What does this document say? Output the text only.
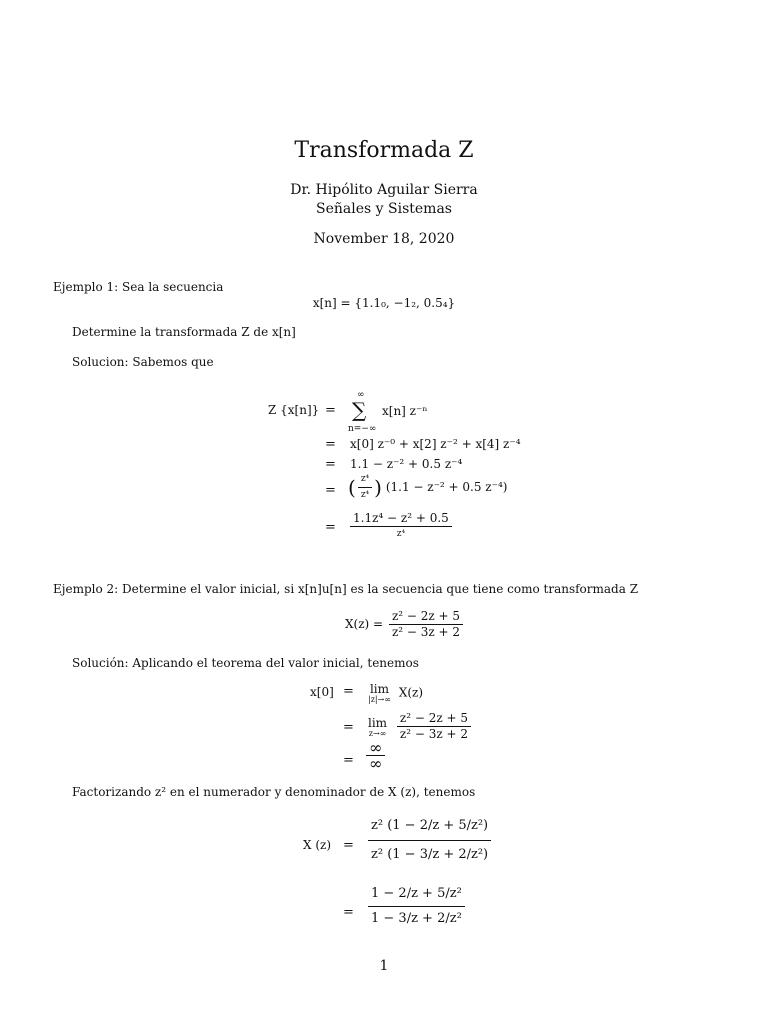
Transformada Z
Dr. Hipólito Aguilar Sierra
Señales y Sistemas
November 18, 2020
Ejemplo 1: Sea la secuencia
x[n] = {1.1₀, −1₂, 0.5₄}
Determine la transformada Z de x[n]
Solucion: Sabemos que
Z {x[n]} =
∞
∑
n=−∞
x[n] z⁻ⁿ
= x[0] z⁻⁰ + x[2] z⁻² + x[4] z⁻⁴
= 1.1 − z⁻² + 0.5 z⁻⁴
= ( $\frac{\text{z⁴}}{\text{z⁴}}$ ) (1.1 − z⁻² + 0.5 z⁻⁴)
= $\frac{\text{1.1z⁴ − z² + 0.5}}{\text{z⁴}}$
Ejemplo 2: Determine el valor inicial, si x[n]u[n] es la secuencia que tiene como transformada Z
$X(z) = \frac{\text{z² − 2z + 5}}{\text{z² − 3z + 2}}$
Solución: Aplicando el teorema del valor inicial, tenemos
x[0] = lim
|z|→∞ X(z)
= lim
z→∞
$\frac{\text{z² − 2z + 5}}{\text{z² − 3z + 2}}$
= $\frac{\infty}{\infty}$
Factorizando z² en el numerador y denominador de X (z), tenemos
X $(z) = \frac{\text{z² (1 − 2/z + 5/z²)}}{\text{z² (1 − 3/z + 2/z²)}}$
= $\frac{\text{1 − 2/z + 5/z²}}{\text{1 − 3/z + 2/z²}}$
1
